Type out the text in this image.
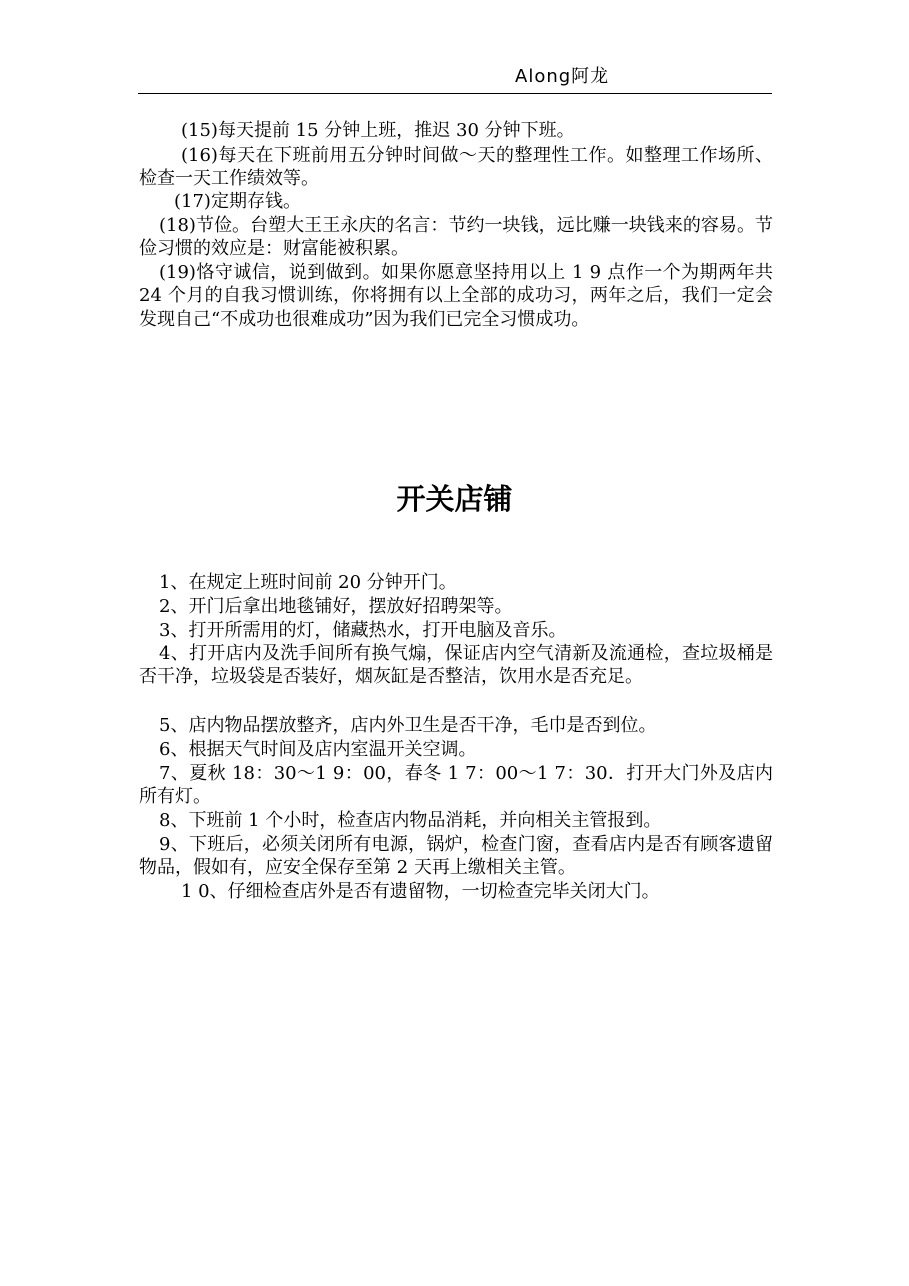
Along阿龙
(15)每天提前 15 分钟上班，推迟 30 分钟下班。
(16)每天在下班前用五分钟时间做～天的整理性工作。如整理工作场所、检查一天工作绩效等。
(17)定期存钱。
(18)节俭。台塑大王王永庆的名言：节约一块钱，远比赚一块钱来的容易。节俭习惯的效应是：财富能被积累。
(19)恪守诚信，说到做到。如果你愿意坚持用以上 1 9 点作一个为期两年共 24 个月的自我习惯训练，你将拥有以上全部的成功习，两年之后，我们一定会发现自己“不成功也很难成功”因为我们已完全习惯成功。
开关店铺
1、在规定上班时间前 20 分钟开门。
2、开门后拿出地毯铺好，摆放好招聘架等。
3、打开所需用的灯，储藏热水，打开电脑及音乐。
4、打开店内及洗手间所有换气煽，保证店内空气清新及流通检，查垃圾桶是否干净，垃圾袋是否装好，烟灰缸是否整洁，饮用水是否充足。
5、店内物品摆放整齐，店内外卫生是否干净，毛巾是否到位。
6、根据天气时间及店内室温开关空调。
7、夏秋 18：30～1 9：00，春冬 1 7：00～1 7：30．打开大门外及店内所有灯。
8、下班前 1 个小时，检查店内物品消耗，并向相关主管报到。
9、下班后，必须关闭所有电源，锅炉，检查门窗，查看店内是否有顾客遗留物品，假如有，应安全保存至第 2 天再上缴相关主管。
1 0、仔细检查店外是否有遗留物，一切检查完毕关闭大门。
